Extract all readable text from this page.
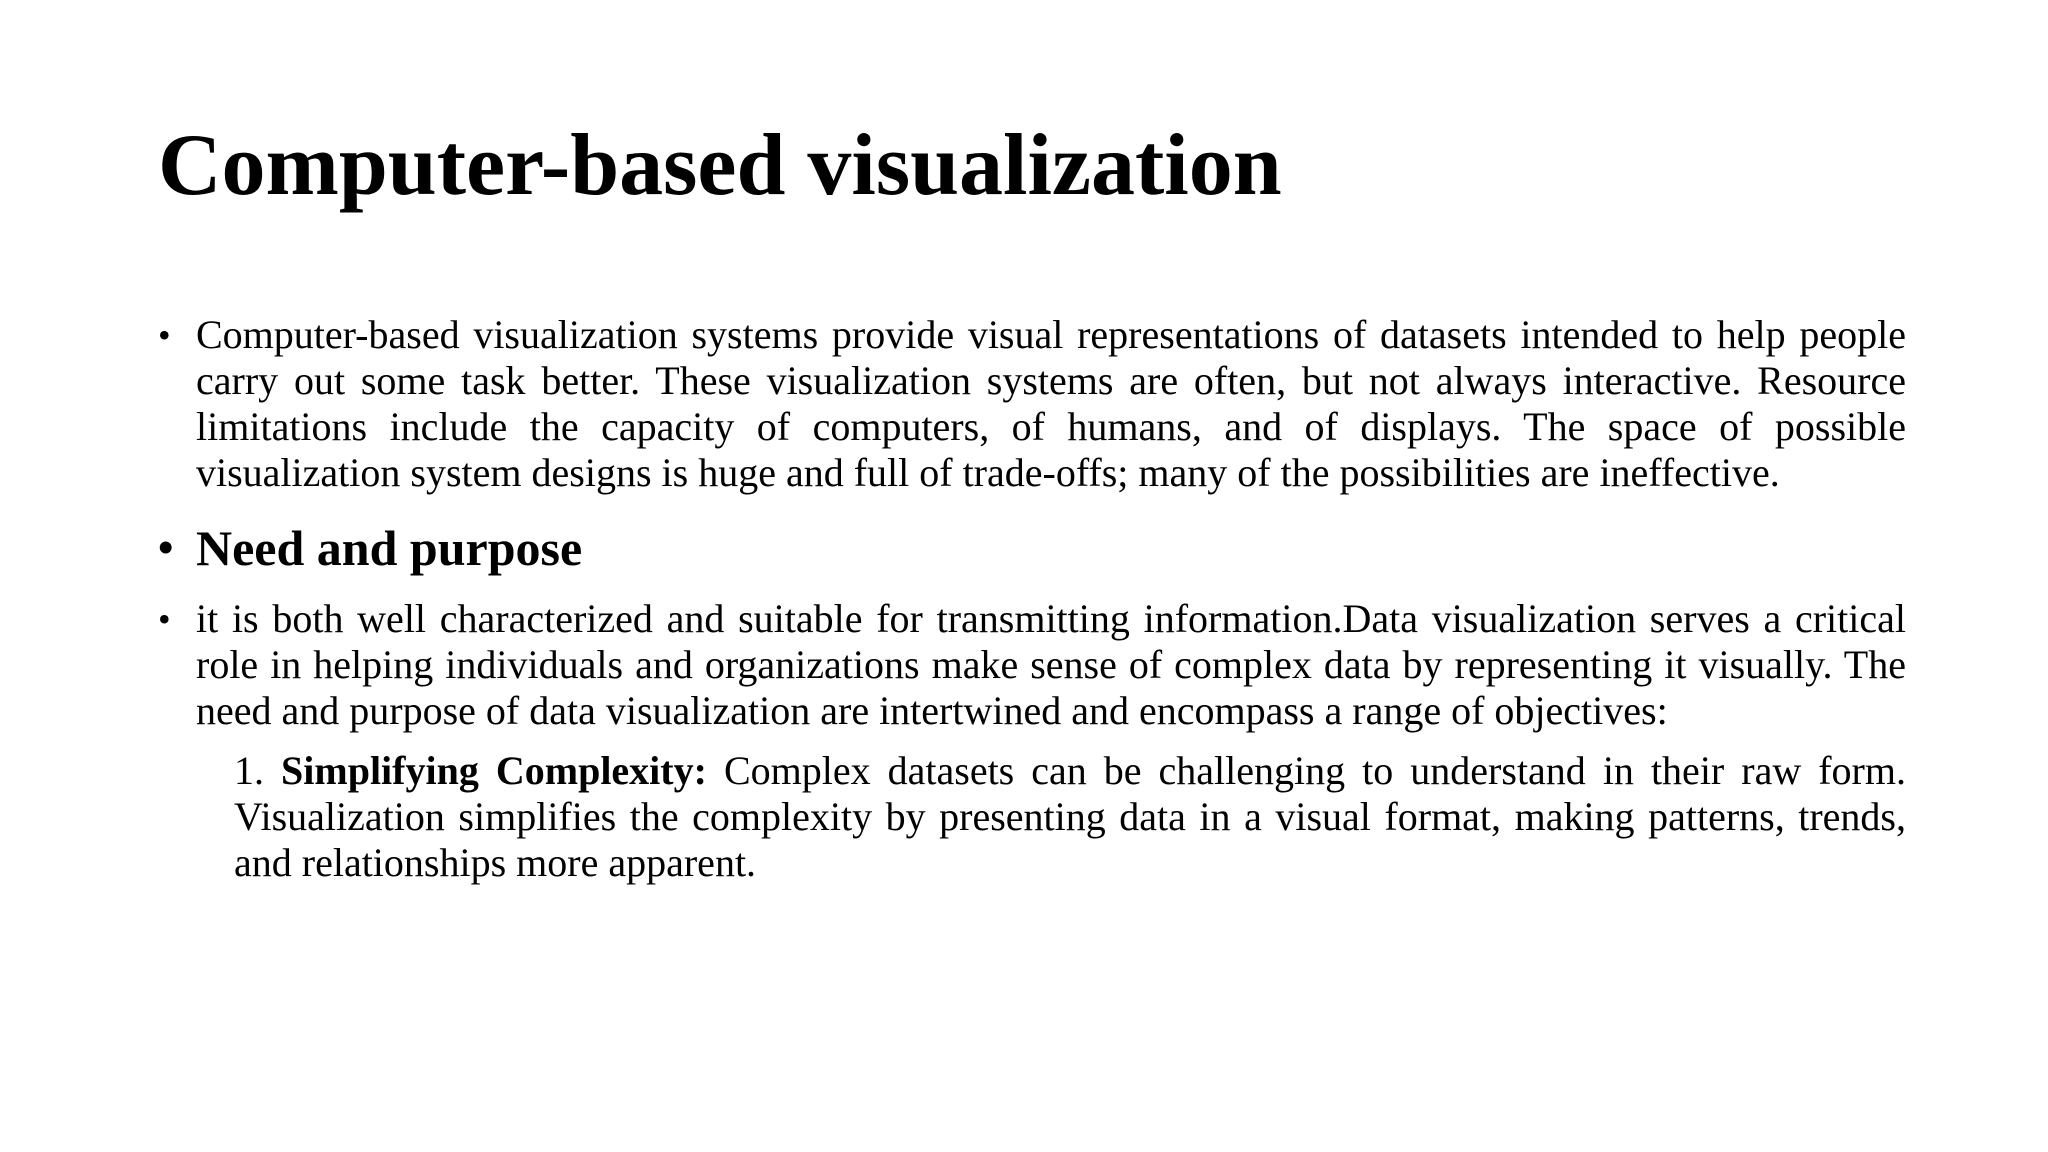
Computer-based visualization
• Computer-based visualization systems provide visual representations of datasets intended to help people carry out some task better. These visualization systems are often, but not always interactive. Resource limitations include the capacity of computers, of humans, and of displays. The space of possible visualization system designs is huge and full of trade-offs; many of the possibilities are ineffective.
• Need and purpose
• it is both well characterized and suitable for transmitting information.Data visualization serves a critical role in helping individuals and organizations make sense of complex data by representing it visually. The need and purpose of data visualization are intertwined and encompass a range of objectives:
1. Simplifying Complexity: Complex datasets can be challenging to understand in their raw form. Visualization simplifies the complexity by presenting data in a visual format, making patterns, trends, and relationships more apparent.
